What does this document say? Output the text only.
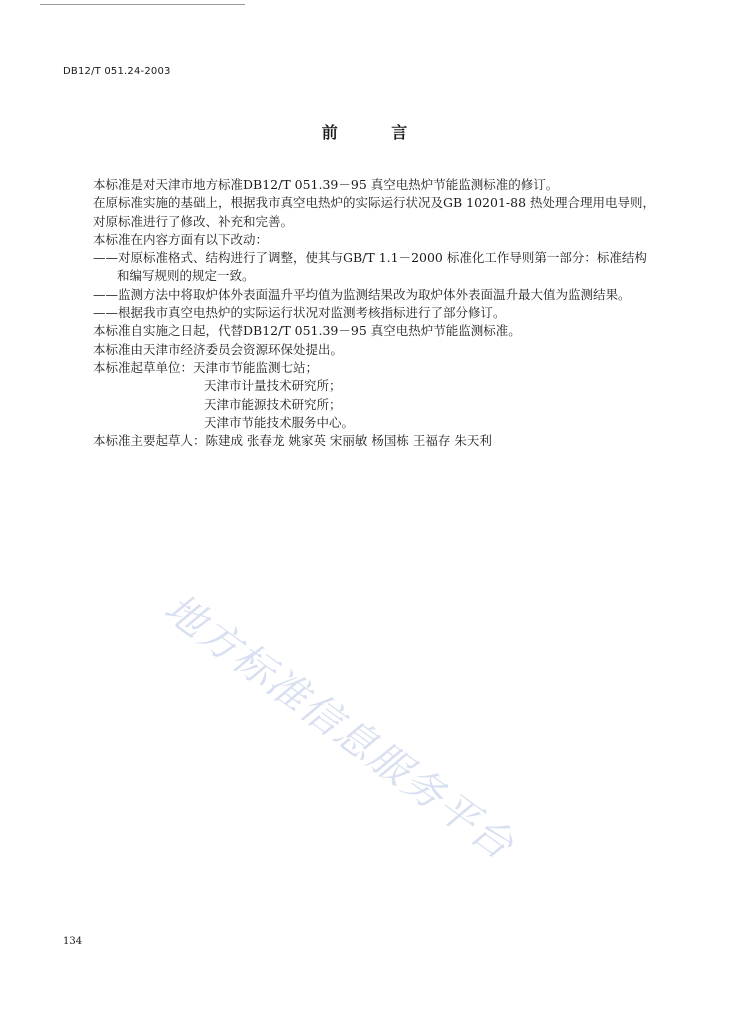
DB12/T 051.24-2003
前 言

本标准是对天津市地方标准DB12/T 051.39－95 真空电热炉节能监测标准的修订。

在原标准实施的基础上，根据我市真空电热炉的实际运行状况及GB 10201-88 热处理合理用电导则，对原标准进行了修改、补充和完善。

本标准在内容方面有以下改动：

——对原标准格式、结构进行了调整，使其与GB/T 1.1－2000 标准化工作导则第一部分：标准结构和编写规则的规定一致。

——监测方法中将取炉体外表面温升平均值为监测结果改为取炉体外表面温升最大值为监测结果。

——根据我市真空电热炉的实际运行状况对监测考核指标进行了部分修订。

本标准自实施之日起，代替DB12/T 051.39－95 真空电热炉节能监测标准。

本标准由天津市经济委员会资源环保处提出。

本标准起草单位：天津市节能监测七站；

天津市计量技术研究所；

天津市能源技术研究所；

天津市节能技术服务中心。

本标准主要起草人：陈建成 张春龙 姚家英 宋丽敏 杨国栋 王福存 朱天利

地方标准信息服务平台
134
